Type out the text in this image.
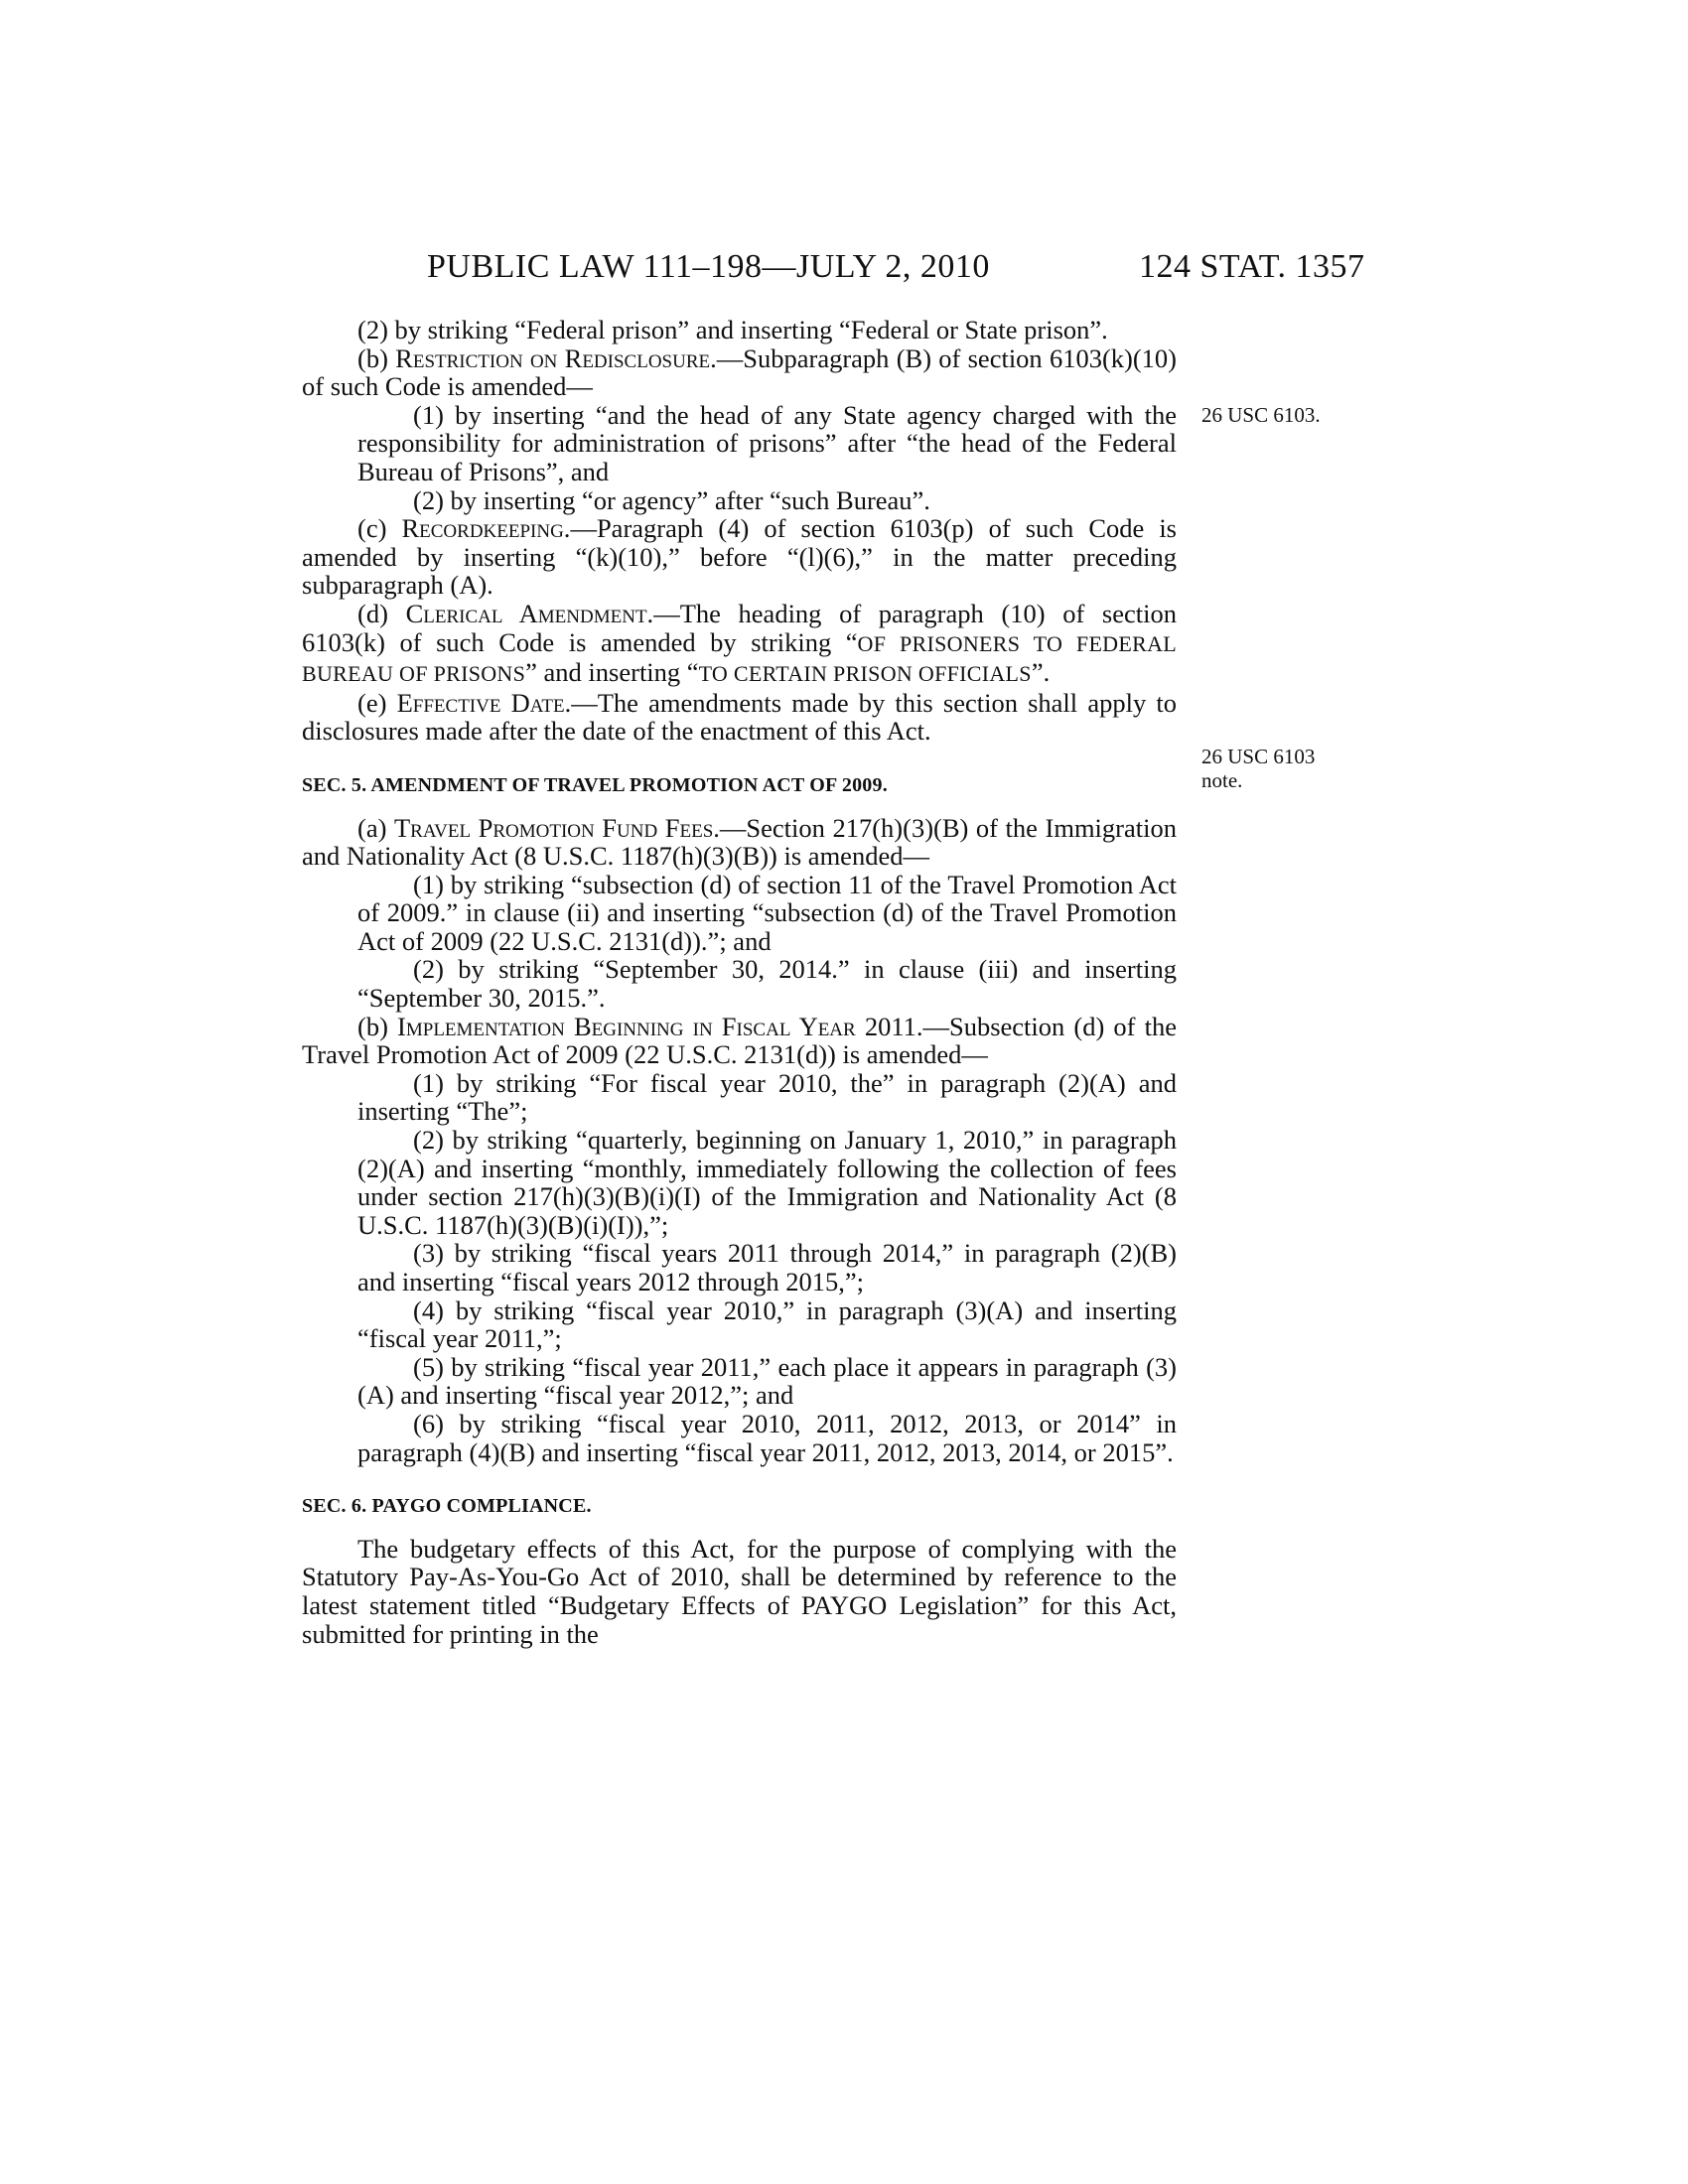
PUBLIC LAW 111–198—JULY 2, 2010	124 STAT. 1357
26 USC 6103.
26 USC 6103
note.

(2) by striking “Federal prison” and inserting “Federal or State prison”.

(b) Restriction on Redisclosure.—Subparagraph (B) of section 6103(k)(10) of such Code is amended—

(1) by inserting “and the head of any State agency charged with the responsibility for administration of prisons” after “the head of the Federal Bureau of Prisons”, and

(2) by inserting “or agency” after “such Bureau”.

(c) Recordkeeping.—Paragraph (4) of section 6103(p) of such Code is amended by inserting “(k)(10),” before “(l)(6),” in the matter preceding subparagraph (A).

(d) Clerical Amendment.—The heading of paragraph (10) of section 6103(k) of such Code is amended by striking “OF PRISONERS TO FEDERAL BUREAU OF PRISONS” and inserting “TO CERTAIN PRISON OFFICIALS”.

(e) Effective Date.—The amendments made by this section shall apply to disclosures made after the date of the enactment of this Act.

SEC. 5. AMENDMENT OF TRAVEL PROMOTION ACT OF 2009.

(a) Travel Promotion Fund Fees.—Section 217(h)(3)(B) of the Immigration and Nationality Act (8 U.S.C. 1187(h)(3)(B)) is amended—

(1) by striking “subsection (d) of section 11 of the Travel Promotion Act of 2009.” in clause (ii) and inserting “subsection (d) of the Travel Promotion Act of 2009 (22 U.S.C. 2131(d)).”; and

(2) by striking “September 30, 2014.” in clause (iii) and inserting “September 30, 2015.”.

(b) Implementation Beginning in Fiscal Year 2011.—Subsection (d) of the Travel Promotion Act of 2009 (22 U.S.C. 2131(d)) is amended—

(1) by striking “For fiscal year 2010, the” in paragraph (2)(A) and inserting “The”;

(2) by striking “quarterly, beginning on January 1, 2010,” in paragraph (2)(A) and inserting “monthly, immediately following the collection of fees under section 217(h)(3)(B)(i)(I) of the Immigration and Nationality Act (8 U.S.C. 1187(h)(3)(B)(i)(I)),”;

(3) by striking “fiscal years 2011 through 2014,” in paragraph (2)(B) and inserting “fiscal years 2012 through 2015,”;

(4) by striking “fiscal year 2010,” in paragraph (3)(A) and inserting “fiscal year 2011,”;

(5) by striking “fiscal year 2011,” each place it appears in paragraph (3)(A) and inserting “fiscal year 2012,”; and

(6) by striking “fiscal year 2010, 2011, 2012, 2013, or 2014” in paragraph (4)(B) and inserting “fiscal year 2011, 2012, 2013, 2014, or 2015”.

SEC. 6. PAYGO COMPLIANCE.

The budgetary effects of this Act, for the purpose of complying with the Statutory Pay-As-You-Go Act of 2010, shall be determined by reference to the latest statement titled “Budgetary Effects of PAYGO Legislation” for this Act, submitted for printing in the
